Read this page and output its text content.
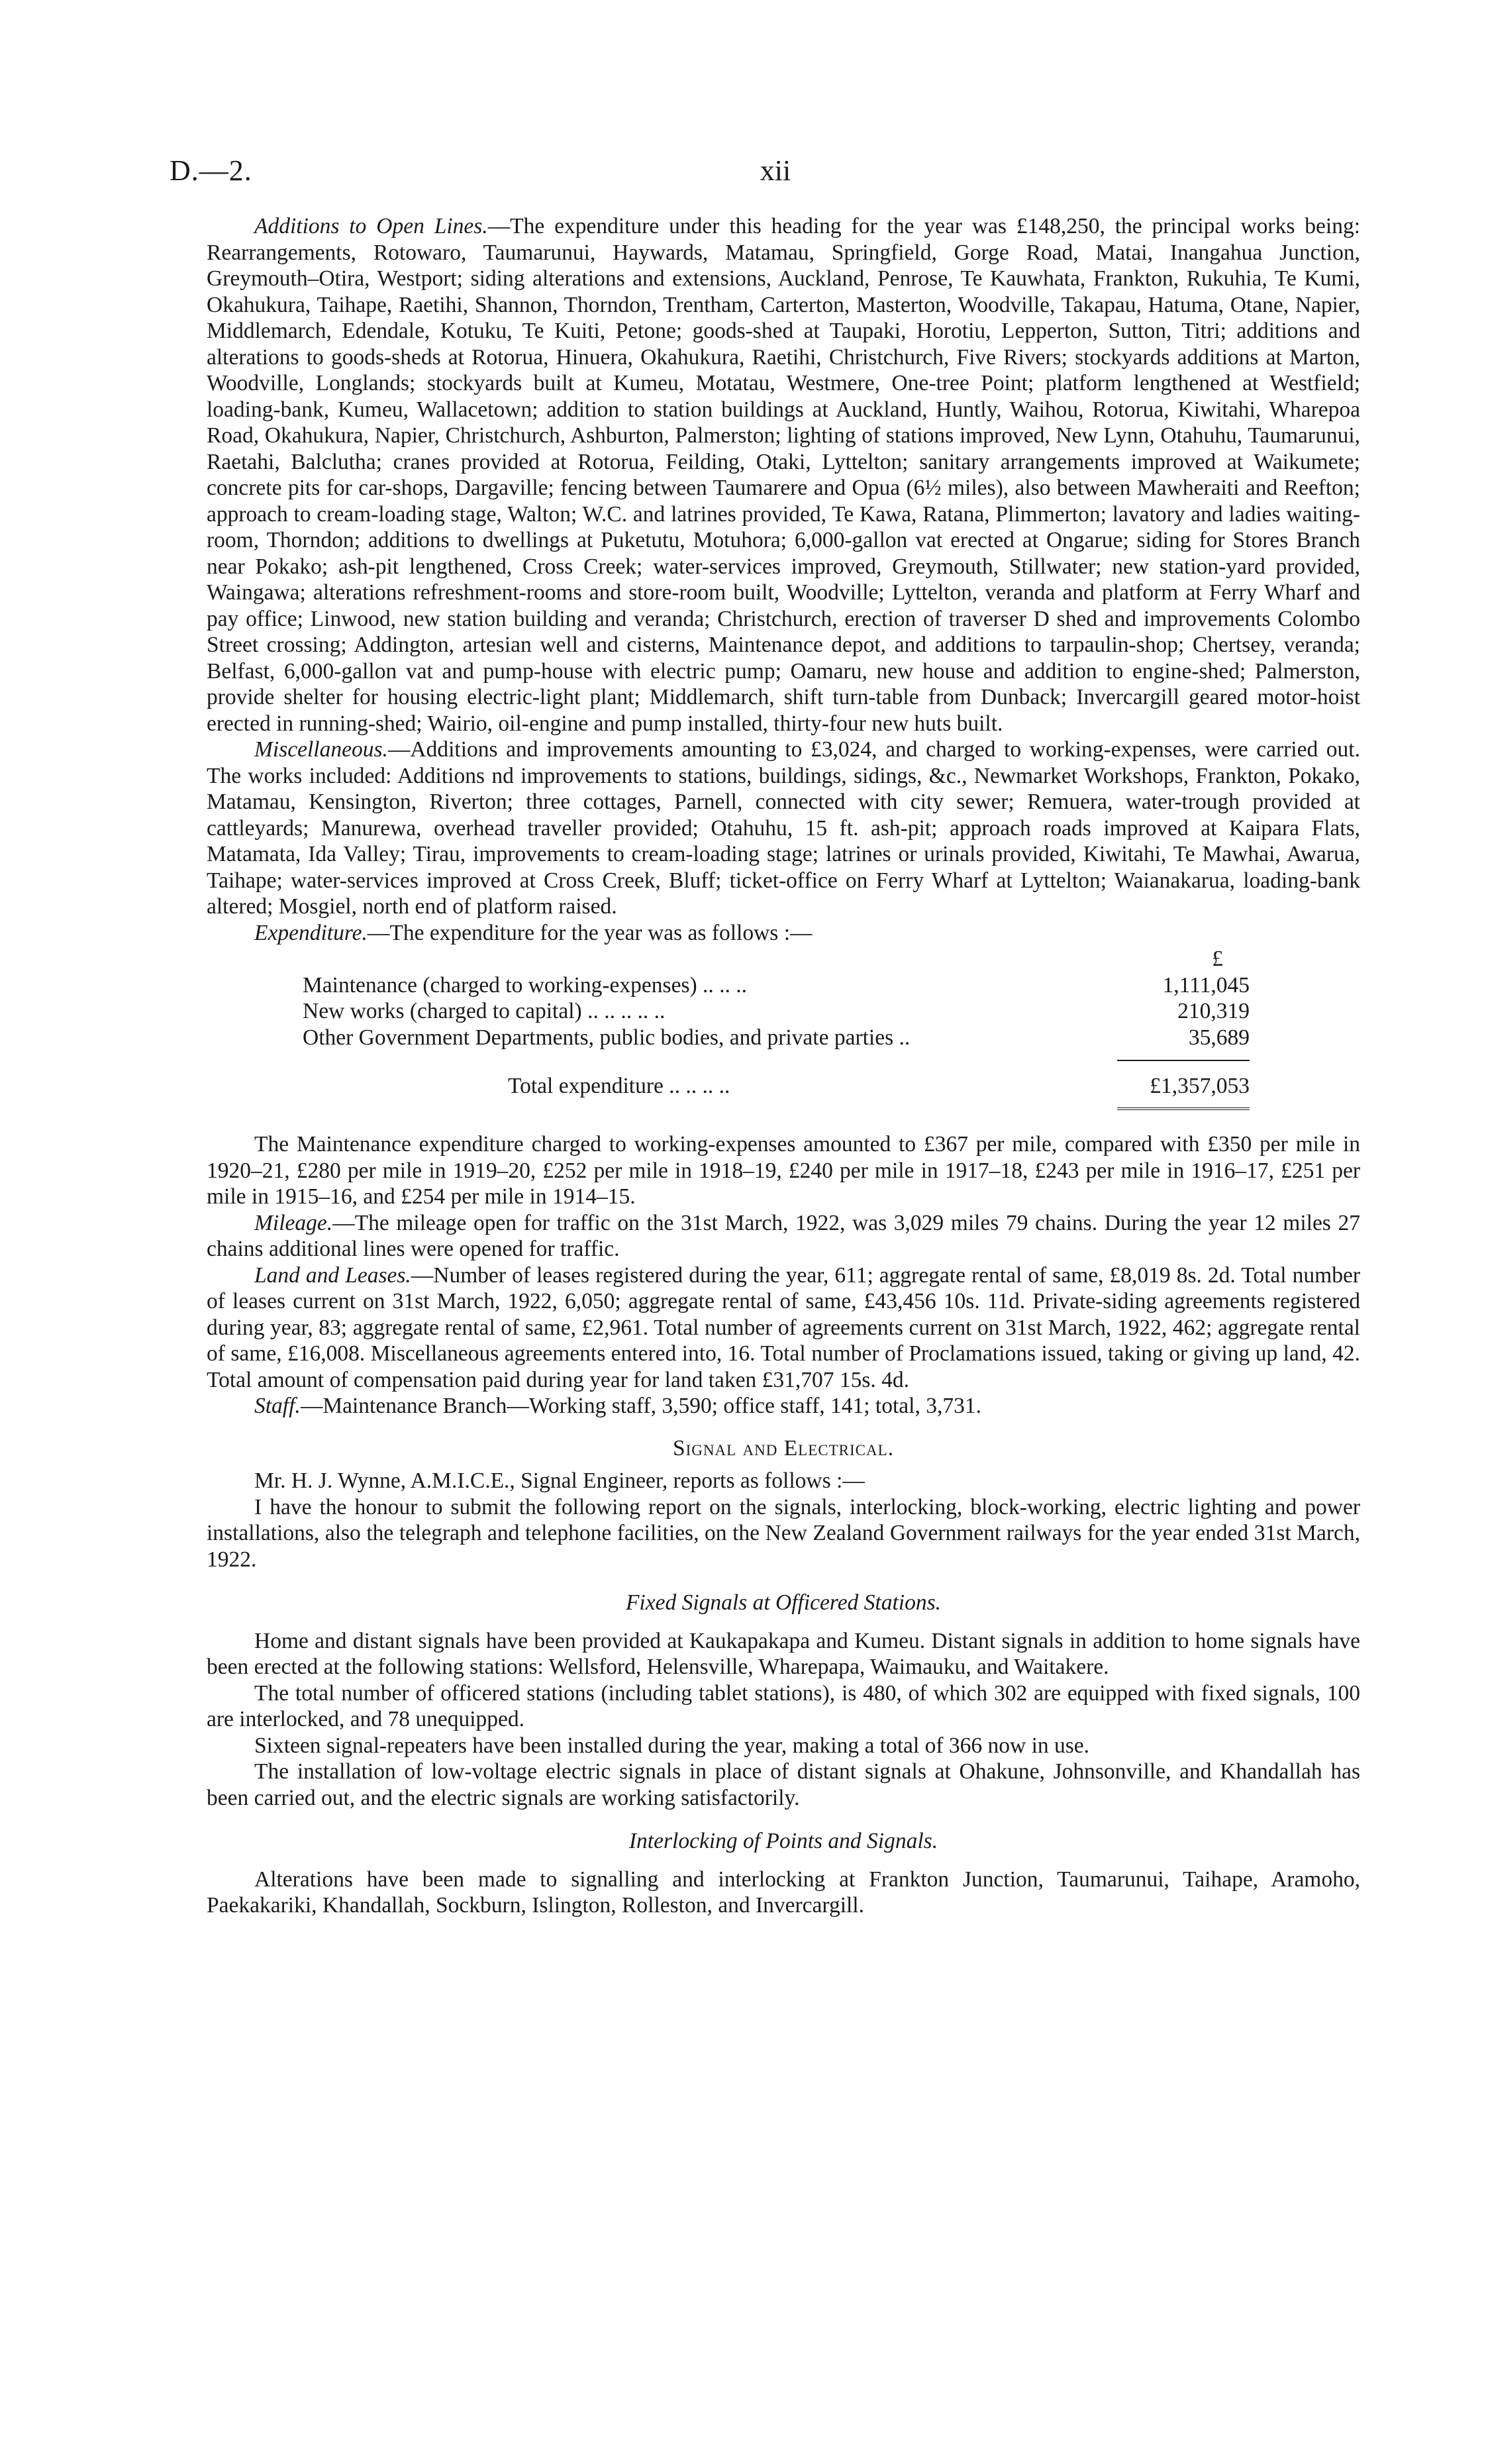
D.—2.	xii

Additions to Open Lines.—The expenditure under this heading for the year was £148,250, the principal works being: Rearrangements, Rotowaro, Taumarunui, Haywards, Matamau, Springfield, Gorge Road, Matai, Inangahua Junction, Greymouth–Otira, Westport; siding alterations and extensions, Auckland, Penrose, Te Kauwhata, Frankton, Rukuhia, Te Kumi, Okahukura, Taihape, Raetihi, Shannon, Thorndon, Trentham, Carterton, Masterton, Woodville, Takapau, Hatuma, Otane, Napier, Middlemarch, Edendale, Kotuku, Te Kuiti, Petone; goods-shed at Taupaki, Horotiu, Lepperton, Sutton, Titri; additions and alterations to goods-sheds at Rotorua, Hinuera, Okahukura, Raetihi, Christchurch, Five Rivers; stockyards additions at Marton, Woodville, Longlands; stockyards built at Kumeu, Motatau, Westmere, One-tree Point; platform lengthened at Westfield; loading-bank, Kumeu, Wallacetown; addition to station buildings at Auckland, Huntly, Waihou, Rotorua, Kiwitahi, Wharepoa Road, Okahukura, Napier, Christchurch, Ashburton, Palmerston; lighting of stations improved, New Lynn, Otahuhu, Taumarunui, Raetahi, Balclutha; cranes provided at Rotorua, Feilding, Otaki, Lyttelton; sanitary arrangements improved at Waikumete; concrete pits for car-shops, Dargaville; fencing between Taumarere and Opua (6½ miles), also between Mawheraiti and Reefton; approach to cream-loading stage, Walton; W.C. and latrines provided, Te Kawa, Ratana, Plimmerton; lavatory and ladies waiting-room, Thorndon; additions to dwellings at Puketutu, Motuhora; 6,000-gallon vat erected at Ongarue; siding for Stores Branch near Pokako; ash-pit lengthened, Cross Creek; water-services improved, Greymouth, Stillwater; new station-yard provided, Waingawa; alterations refreshment-rooms and store-room built, Woodville; Lyttelton, veranda and platform at Ferry Wharf and pay office; Linwood, new station building and veranda; Christchurch, erection of traverser D shed and improvements Colombo Street crossing; Addington, artesian well and cisterns, Maintenance depot, and additions to tarpaulin-shop; Chertsey, veranda; Belfast, 6,000-gallon vat and pump-house with electric pump; Oamaru, new house and addition to engine-shed; Palmerston, provide shelter for housing electric-light plant; Middlemarch, shift turn-table from Dunback; Invercargill geared motor-hoist erected in running-shed; Wairio, oil-engine and pump installed, thirty-four new huts built.

Miscellaneous.—Additions and improvements amounting to £3,024, and charged to working-expenses, were carried out. The works included: Additions nd improvements to stations, buildings, sidings, &c., Newmarket Workshops, Frankton, Pokako, Matamau, Kensington, Riverton; three cottages, Parnell, connected with city sewer; Remuera, water-trough provided at cattleyards; Manurewa, overhead traveller provided; Otahuhu, 15 ft. ash-pit; approach roads improved at Kaipara Flats, Matamata, Ida Valley; Tirau, improvements to cream-loading stage; latrines or urinals provided, Kiwitahi, Te Mawhai, Awarua, Taihape; water-services improved at Cross Creek, Bluff; ticket-office on Ferry Wharf at Lyttelton; Waianakarua, loading-bank altered; Mosgiel, north end of platform raised.

Expenditure.—The expenditure for the year was as follows :—

£
Maintenance (charged to working-expenses) .. .. ..	1,111,045
New works (charged to capital) .. .. .. .. ..	210,319
Other Government Departments, public bodies, and private parties ..	35,689
Total expenditure .. .. .. ..	£1,357,053

The Maintenance expenditure charged to working-expenses amounted to £367 per mile, compared with £350 per mile in 1920–21, £280 per mile in 1919–20, £252 per mile in 1918–19, £240 per mile in 1917–18, £243 per mile in 1916–17, £251 per mile in 1915–16, and £254 per mile in 1914–15.

Mileage.—The mileage open for traffic on the 31st March, 1922, was 3,029 miles 79 chains. During the year 12 miles 27 chains additional lines were opened for traffic.

Land and Leases.—Number of leases registered during the year, 611; aggregate rental of same, £8,019 8s. 2d. Total number of leases current on 31st March, 1922, 6,050; aggregate rental of same, £43,456 10s. 11d. Private-siding agreements registered during year, 83; aggregate rental of same, £2,961. Total number of agreements current on 31st March, 1922, 462; aggregate rental of same, £16,008. Miscellaneous agreements entered into, 16. Total number of Proclamations issued, taking or giving up land, 42. Total amount of compensation paid during year for land taken £31,707 15s. 4d.

Staff.—Maintenance Branch—Working staff, 3,590; office staff, 141; total, 3,731.

Signal and Electrical.

Mr. H. J. Wynne, A.M.I.C.E., Signal Engineer, reports as follows :—

I have the honour to submit the following report on the signals, interlocking, block-working, electric lighting and power installations, also the telegraph and telephone facilities, on the New Zealand Government railways for the year ended 31st March, 1922.

Fixed Signals at Officered Stations.

Home and distant signals have been provided at Kaukapakapa and Kumeu. Distant signals in addition to home signals have been erected at the following stations: Wellsford, Helensville, Wharepapa, Waimauku, and Waitakere.

The total number of officered stations (including tablet stations), is 480, of which 302 are equipped with fixed signals, 100 are interlocked, and 78 unequipped.

Sixteen signal-repeaters have been installed during the year, making a total of 366 now in use.

The installation of low-voltage electric signals in place of distant signals at Ohakune, Johnsonville, and Khandallah has been carried out, and the electric signals are working satisfactorily.

Interlocking of Points and Signals.

Alterations have been made to signalling and interlocking at Frankton Junction, Taumarunui, Taihape, Aramoho, Paekakariki, Khandallah, Sockburn, Islington, Rolleston, and Invercargill.
